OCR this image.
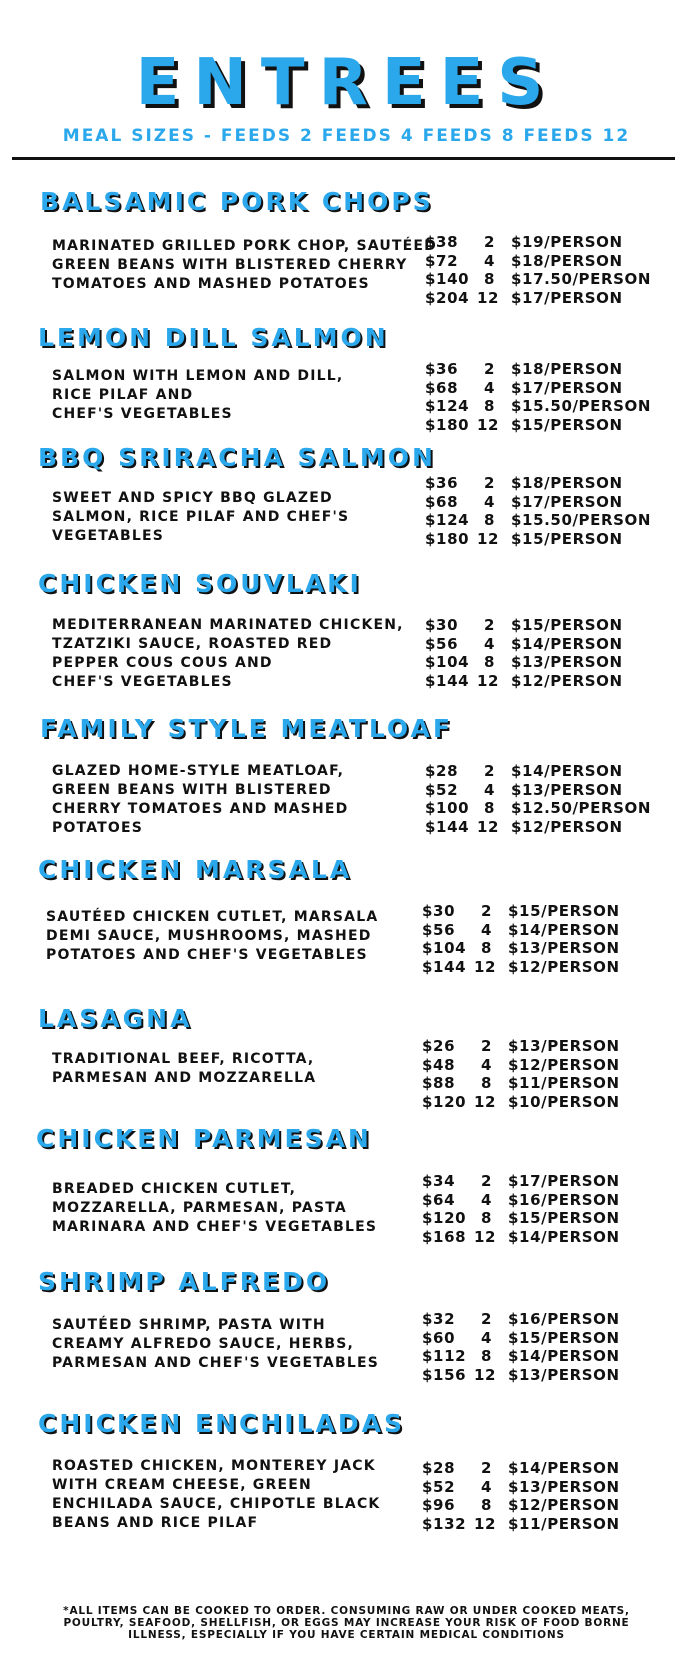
ENTREES
MEAL SIZES - FEEDS 2 FEEDS 4 FEEDS 8 FEEDS 12
BALSAMIC PORK CHOPS
MARINATED GRILLED PORK CHOP, SAUTÉED
GREEN BEANS WITH BLISTERED CHERRY
TOMATOES AND MASHED POTATOES
$38	2 $19/PERSON
$72	4 $18/PERSON
$140 8 $17.50/PERSON
$204 12 $17/PERSON
LEMON DILL SALMON
SALMON WITH LEMON AND DILL,
RICE PILAF AND
CHEF'S VEGETABLES
$36	2 $18/PERSON
$68	4 $17/PERSON
$124 8 $15.50/PERSON
$180 12 $15/PERSON
BBQ SRIRACHA SALMON
SWEET AND SPICY BBQ GLAZED
SALMON, RICE PILAF AND CHEF'S
VEGETABLES
$36	2 $18/PERSON
$68	4 $17/PERSON
$124 8 $15.50/PERSON
$180 12 $15/PERSON
CHICKEN SOUVLAKI
MEDITERRANEAN MARINATED CHICKEN,
TZATZIKI SAUCE, ROASTED RED
PEPPER COUS COUS AND
CHEF'S VEGETABLES
$30	2 $15/PERSON
$56	4 $14/PERSON
$104 8 $13/PERSON
$144 12 $12/PERSON
FAMILY STYLE MEATLOAF
GLAZED HOME-STYLE MEATLOAF,
GREEN BEANS WITH BLISTERED
CHERRY TOMATOES AND MASHED
POTATOES
$28	2 $14/PERSON
$52	4 $13/PERSON
$100 8 $12.50/PERSON
$144 12 $12/PERSON
CHICKEN MARSALA
SAUTÉED CHICKEN CUTLET, MARSALA
DEMI SAUCE, MUSHROOMS, MASHED
POTATOES AND CHEF'S VEGETABLES
$30	2 $15/PERSON
$56	4 $14/PERSON
$104 8 $13/PERSON
$144 12 $12/PERSON
LASAGNA
TRADITIONAL BEEF, RICOTTA,
PARMESAN AND MOZZARELLA
$26	2 $13/PERSON
$48	4 $12/PERSON
$88	8 $11/PERSON
$120 12 $10/PERSON
CHICKEN PARMESAN
BREADED CHICKEN CUTLET,
MOZZARELLA, PARMESAN, PASTA
MARINARA AND CHEF'S VEGETABLES
$34	2 $17/PERSON
$64	4 $16/PERSON
$120 8 $15/PERSON
$168 12 $14/PERSON
SHRIMP ALFREDO
SAUTÉED SHRIMP, PASTA WITH
CREAMY ALFREDO SAUCE, HERBS,
PARMESAN AND CHEF'S VEGETABLES
$32	2 $16/PERSON
$60	4 $15/PERSON
$112 8 $14/PERSON
$156 12 $13/PERSON
CHICKEN ENCHILADAS
ROASTED CHICKEN, MONTEREY JACK
WITH CREAM CHEESE, GREEN
ENCHILADA SAUCE, CHIPOTLE BLACK
BEANS AND RICE PILAF
$28	2 $14/PERSON
$52	4 $13/PERSON
$96	8 $12/PERSON
$132 12 $11/PERSON
*ALL ITEMS CAN BE COOKED TO ORDER. CONSUMING RAW OR UNDER COOKED MEATS,
POULTRY, SEAFOOD, SHELLFISH, OR EGGS MAY INCREASE YOUR RISK OF FOOD BORNE
ILLNESS, ESPECIALLY IF YOU HAVE CERTAIN MEDICAL CONDITIONS
